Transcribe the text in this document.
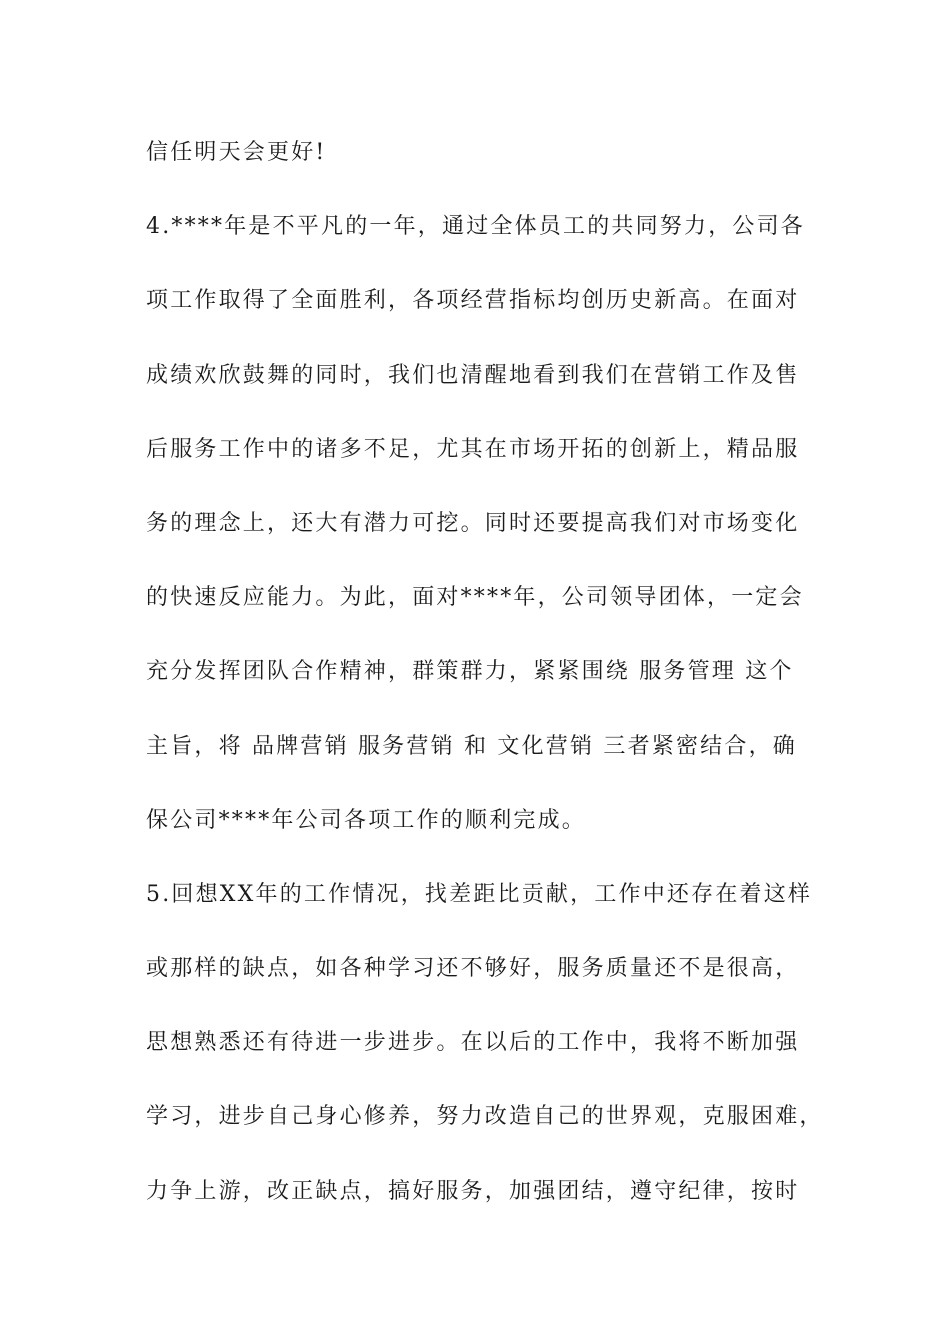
信任明天会更好!
4.****年是不平凡的一年，通过全体员工的共同努力，公司各
项工作取得了全面胜利，各项经营指标均创历史新高。在面对
成绩欢欣鼓舞的同时，我们也清醒地看到我们在营销工作及售
后服务工作中的诸多不足，尤其在市场开拓的创新上，精品服
务的理念上，还大有潜力可挖。同时还要提高我们对市场变化
的快速反应能力。为此，面对****年，公司领导团体，一定会
充分发挥团队合作精神，群策群力，紧紧围绕 服务管理 这个
主旨，将 品牌营销 服务营销 和 文化营销 三者紧密结合，确
保公司****年公司各项工作的顺利完成。
5.回想XX年的工作情况，找差距比贡献，工作中还存在着这样
或那样的缺点，如各种学习还不够好，服务质量还不是很高，
思想熟悉还有待进一步进步。在以后的工作中，我将不断加强
学习，进步自己身心修养，努力改造自己的世界观，克服困难，
力争上游，改正缺点，搞好服务，加强团结，遵守纪律，按时
